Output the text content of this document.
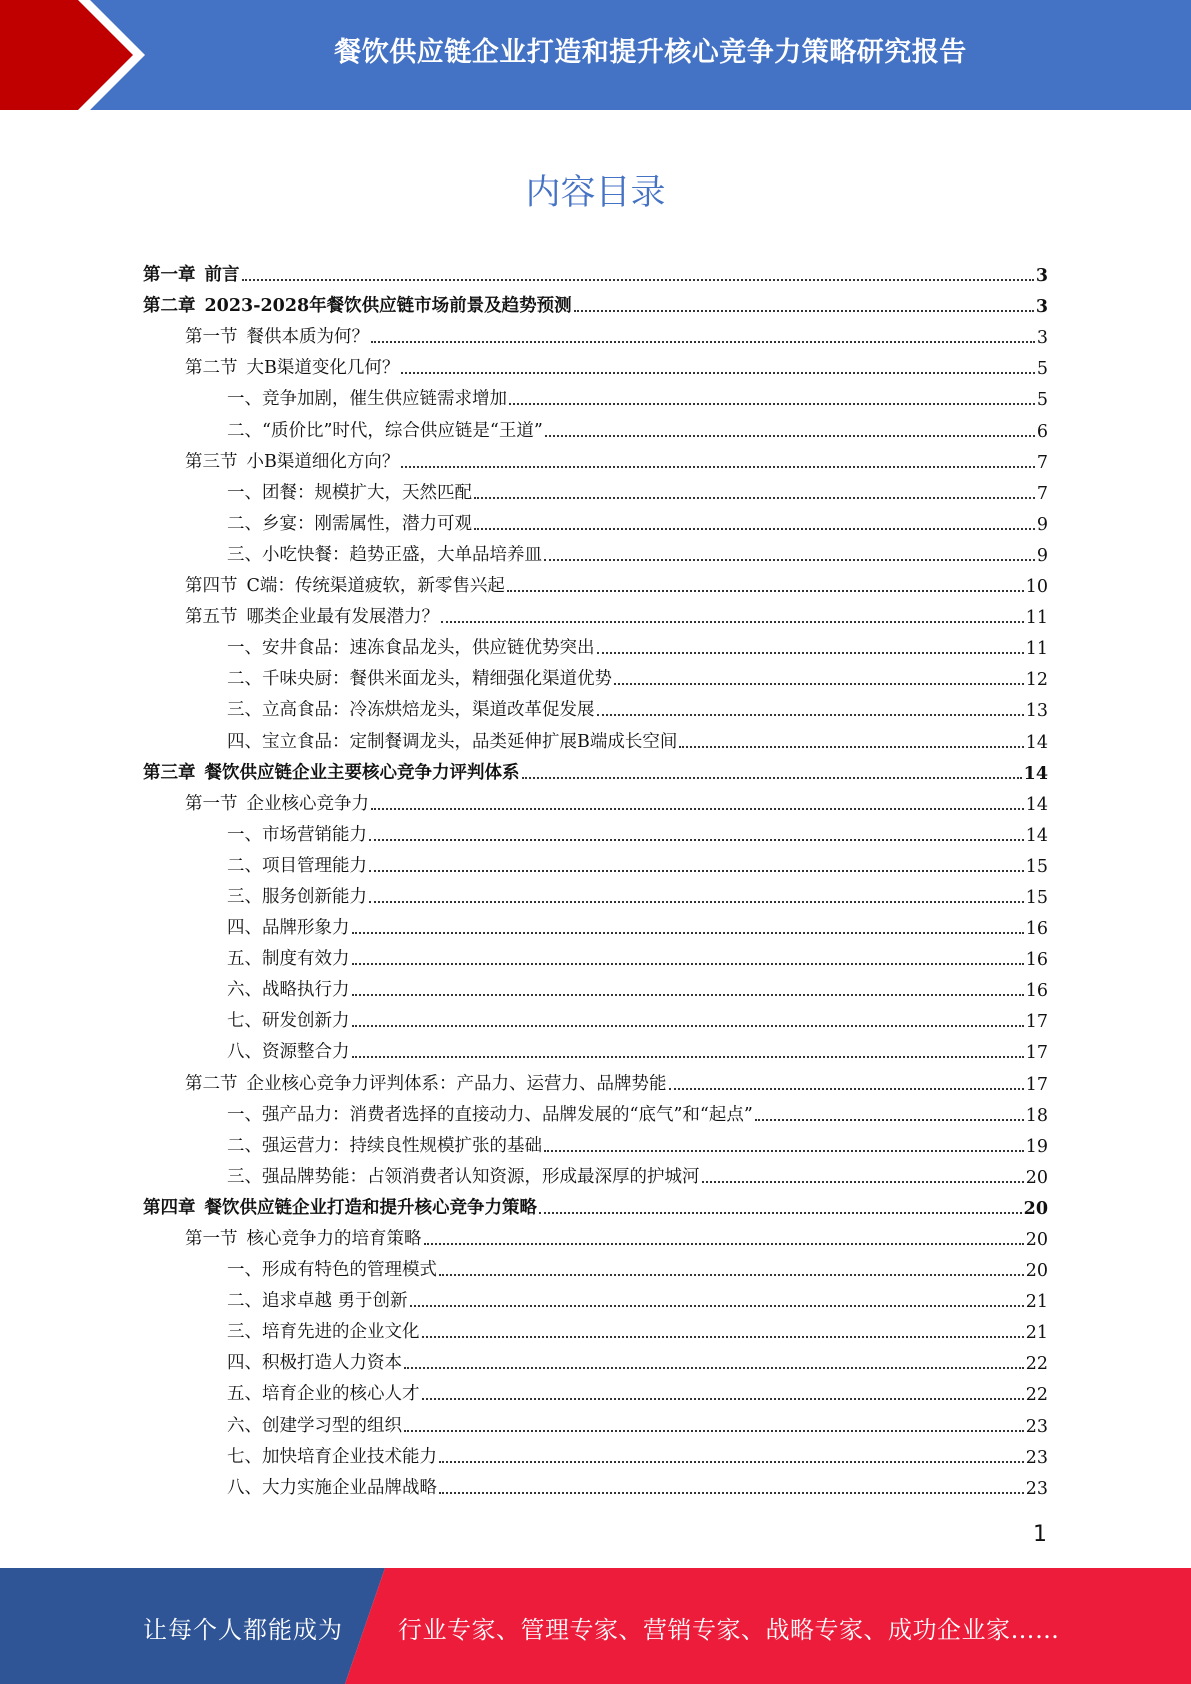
餐饮供应链企业打造和提升核心竞争力策略研究报告
内容目录
第一章 前言	3
第二章 2023-2028年餐饮供应链市场前景及趋势预测	3
第一节 餐供本质为何？	3
第二节 大B渠道变化几何？	5
一、竞争加剧，催生供应链需求增加	5
二、“质价比”时代，综合供应链是“王道”	6
第三节 小B渠道细化方向？	7
一、团餐：规模扩大，天然匹配	7
二、乡宴：刚需属性，潜力可观	9
三、小吃快餐：趋势正盛，大单品培养皿	9
第四节 C端：传统渠道疲软，新零售兴起	10
第五节 哪类企业最有发展潜力？	11
一、安井食品：速冻食品龙头，供应链优势突出	11
二、千味央厨：餐供米面龙头，精细强化渠道优势	12
三、立高食品：冷冻烘焙龙头，渠道改革促发展	13
四、宝立食品：定制餐调龙头，品类延伸扩展B端成长空间	14
第三章 餐饮供应链企业主要核心竞争力评判体系	14
第一节 企业核心竞争力	14
一、市场营销能力	14
二、项目管理能力	15
三、服务创新能力	15
四、品牌形象力	16
五、制度有效力	16
六、战略执行力	16
七、研发创新力	17
八、资源整合力	17
第二节 企业核心竞争力评判体系：产品力、运营力、品牌势能	17
一、强产品力：消费者选择的直接动力、品牌发展的“底气”和“起点”	18
二、强运营力：持续良性规模扩张的基础	19
三、强品牌势能：占领消费者认知资源，形成最深厚的护城河	20
第四章 餐饮供应链企业打造和提升核心竞争力策略	20
第一节 核心竞争力的培育策略	20
一、形成有特色的管理模式	20
二、追求卓越 勇于创新	21
三、培育先进的企业文化	21
四、积极打造人力资本	22
五、培育企业的核心人才	22
六、创建学习型的组织	23
七、加快培育企业技术能力	23
八、大力实施企业品牌战略	23
1
让每个人都能成为 行业专家、管理专家、营销专家、战略专家、成功企业家……
